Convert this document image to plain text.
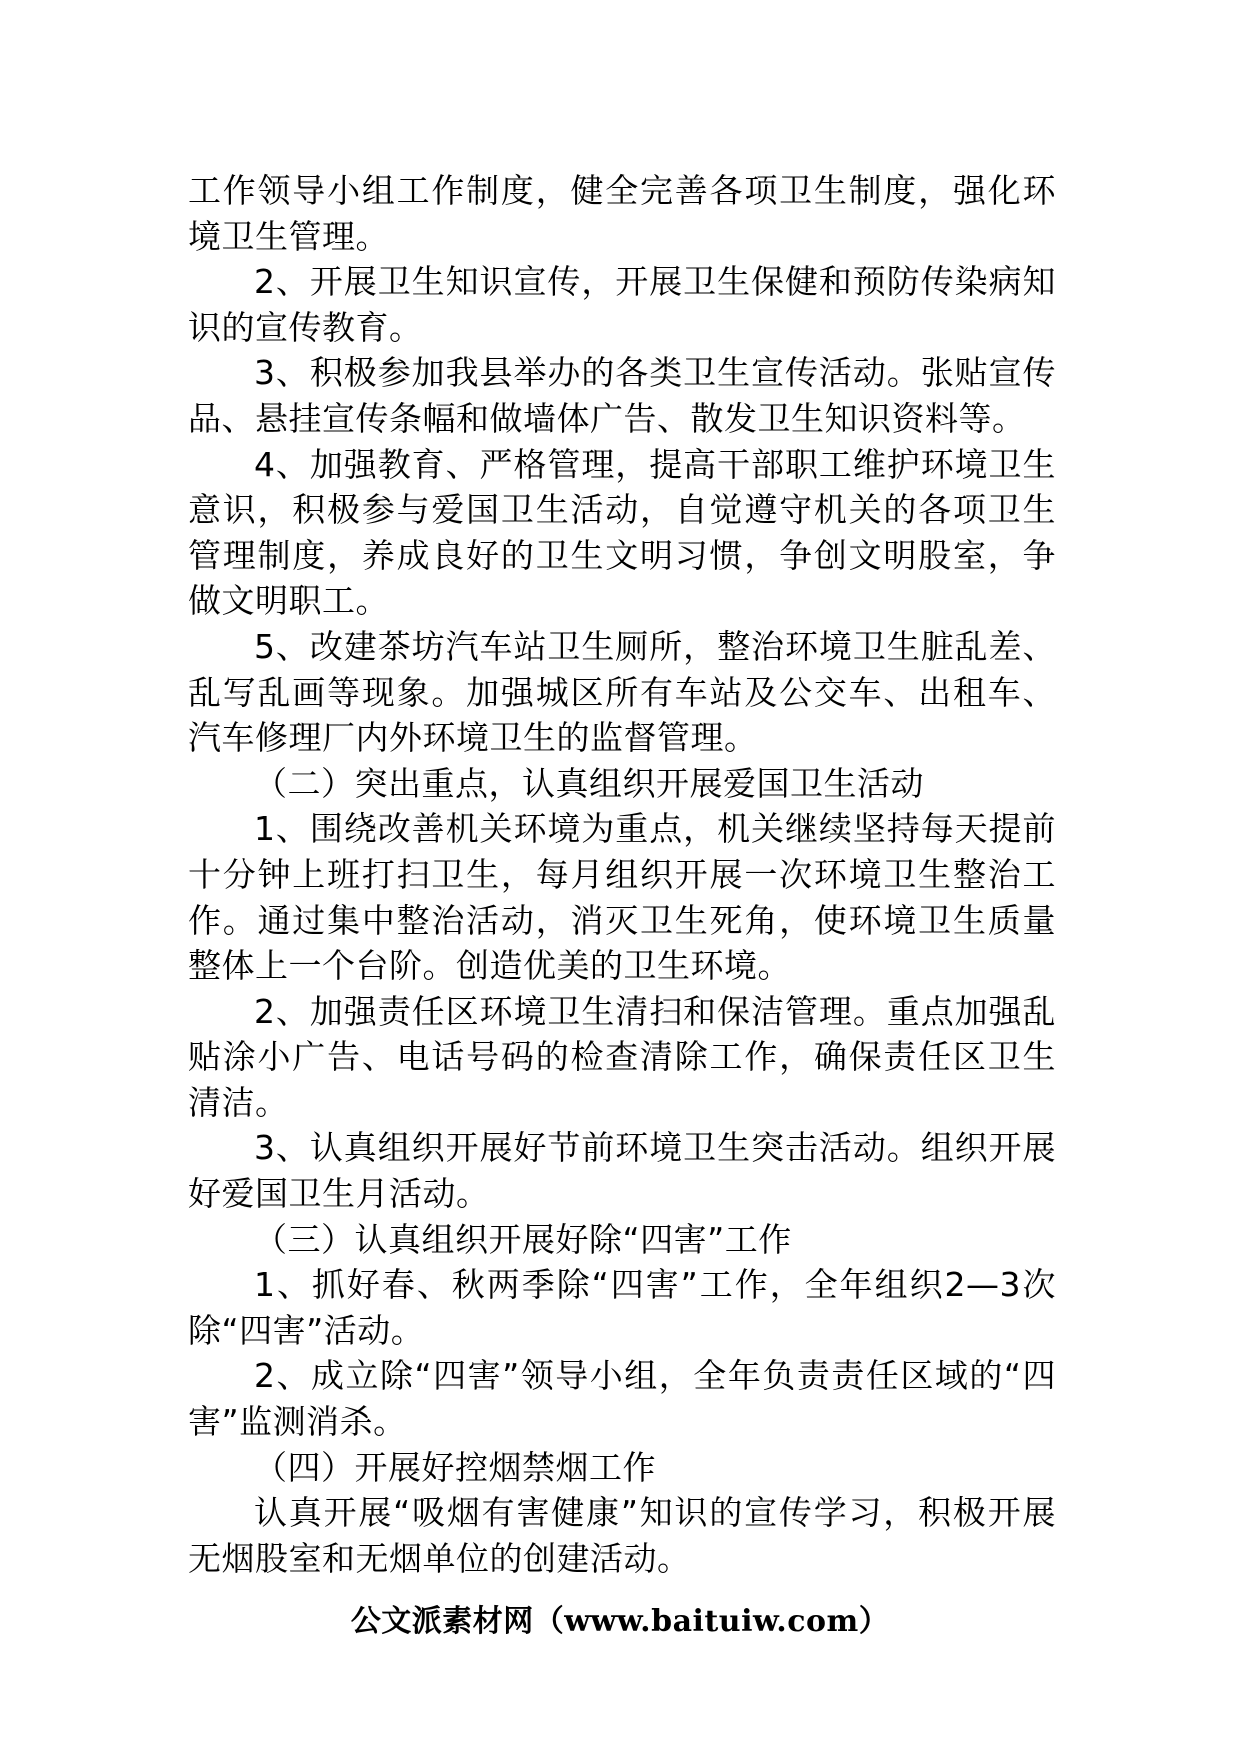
工作领导小组工作制度，健全完善各项卫生制度，强化环境卫生管理。

2、开展卫生知识宣传，开展卫生保健和预防传染病知识的宣传教育。

3、积极参加我县举办的各类卫生宣传活动。张贴宣传品、悬挂宣传条幅和做墙体广告、散发卫生知识资料等。

4、加强教育、严格管理，提高干部职工维护环境卫生意识，积极参与爱国卫生活动，自觉遵守机关的各项卫生管理制度，养成良好的卫生文明习惯，争创文明股室，争做文明职工。

5、改建茶坊汽车站卫生厕所，整治环境卫生脏乱差、乱写乱画等现象。加强城区所有车站及公交车、出租车、汽车修理厂内外环境卫生的监督管理。

（二）突出重点，认真组织开展爱国卫生活动

1、围绕改善机关环境为重点，机关继续坚持每天提前十分钟上班打扫卫生，每月组织开展一次环境卫生整治工作。通过集中整治活动，消灭卫生死角，使环境卫生质量整体上一个台阶。创造优美的卫生环境。

2、加强责任区环境卫生清扫和保洁管理。重点加强乱贴涂小广告、电话号码的检查清除工作，确保责任区卫生清洁。

3、认真组织开展好节前环境卫生突击活动。组织开展好爱国卫生月活动。

（三）认真组织开展好除“四害”工作

1、抓好春、秋两季除“四害”工作，全年组织2—3次除“四害”活动。

2、成立除“四害”领导小组，全年负责责任区域的“四害”监测消杀。

（四）开展好控烟禁烟工作

认真开展“吸烟有害健康”知识的宣传学习，积极开展无烟股室和无烟单位的创建活动。

公文派素材网（www.baituiw.com）
